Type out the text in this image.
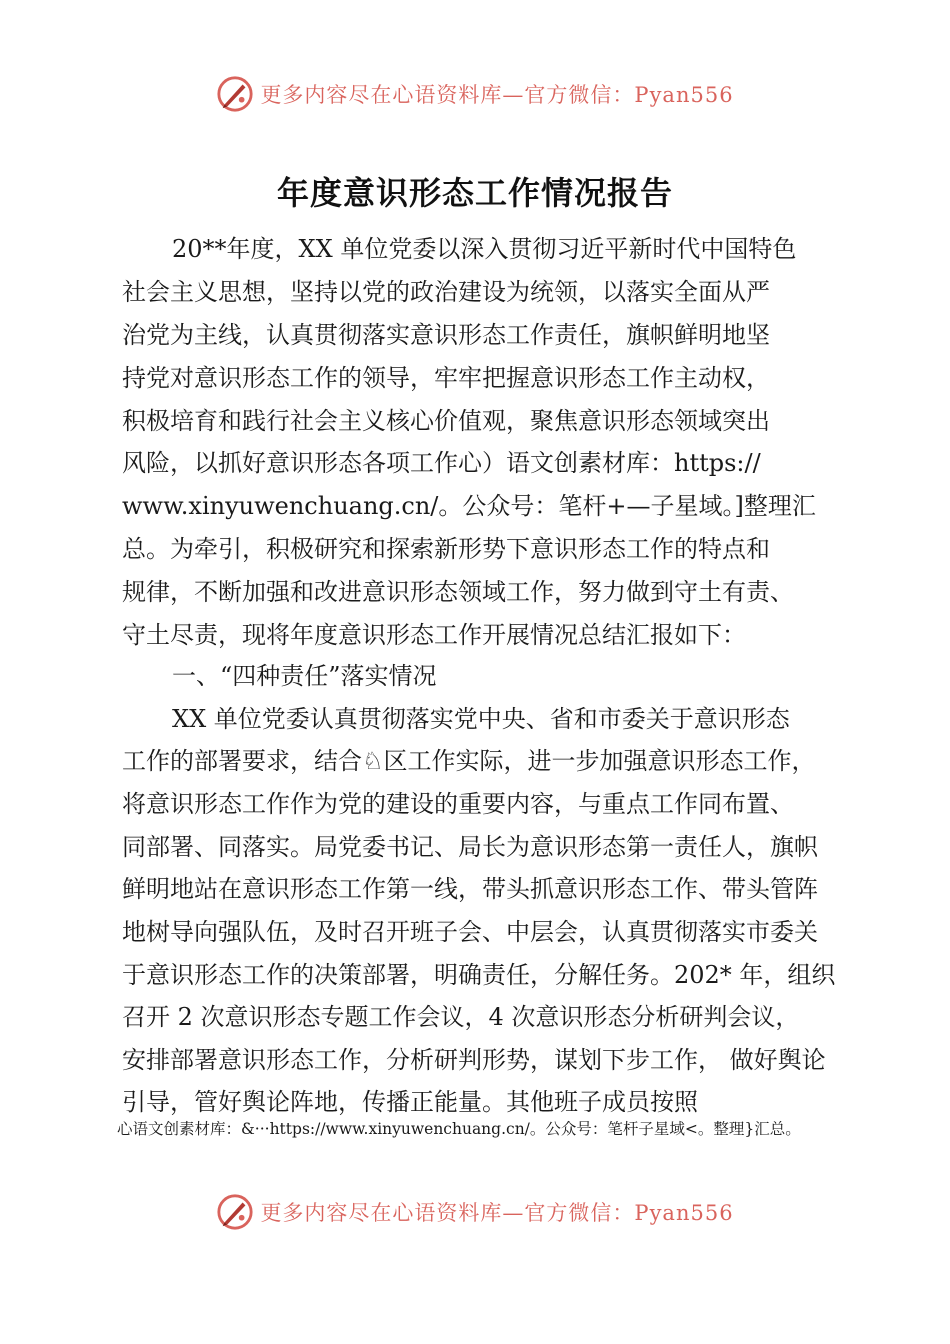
更多内容尽在心语资料库—官方微信：Pyan556
年度意识形态工作情况报告
20**年度，XX 单位党委以深入贯彻习近平新时代中国特色
社会主义思想，坚持以党的政治建设为统领，以落实全面从严
治党为主线，认真贯彻落实意识形态工作责任，旗帜鲜明地坚
持党对意识形态工作的领导，牢牢把握意识形态工作主动权，
积极培育和践行社会主义核心价值观，聚焦意识形态领域突出
风险，以抓好意识形态各项工作心）语文创素材库：https://
www.xinyuwenchuang.cn/。公众号：笔杆+—子星域。]整理汇
总。为牵引，积极研究和探索新形势下意识形态工作的特点和
规律，不断加强和改进意识形态领域工作，努力做到守土有责、
守土尽责，现将年度意识形态工作开展情况总结汇报如下：
一、“四种责任”落实情况
XX 单位党委认真贯彻落实党中央、省和市委关于意识形态
工作的部署要求，结合♘区工作实际，进一步加强意识形态工作，
将意识形态工作作为党的建设的重要内容，与重点工作同布置、
同部署、同落实。局党委书记、局长为意识形态第一责任人，旗帜
鲜明地站在意识形态工作第一线，带头抓意识形态工作、带头管阵
地树导向强队伍，及时召开班子会、中层会，认真贯彻落实市委关
于意识形态工作的决策部署，明确责任，分解任务。202* 年，组织
召开 2 次意识形态专题工作会议，4 次意识形态分析研判会议，
安排部署意识形态工作，分析研判形势，谋划下步工作， 做好舆论
引导，管好舆论阵地，传播正能量。其他班子成员按照
心语文创素材库：&···https://www.xinyuwenchuang.cn/。公众号：笔杆子星域<。整理}汇总。
更多内容尽在心语资料库—官方微信：Pyan556
